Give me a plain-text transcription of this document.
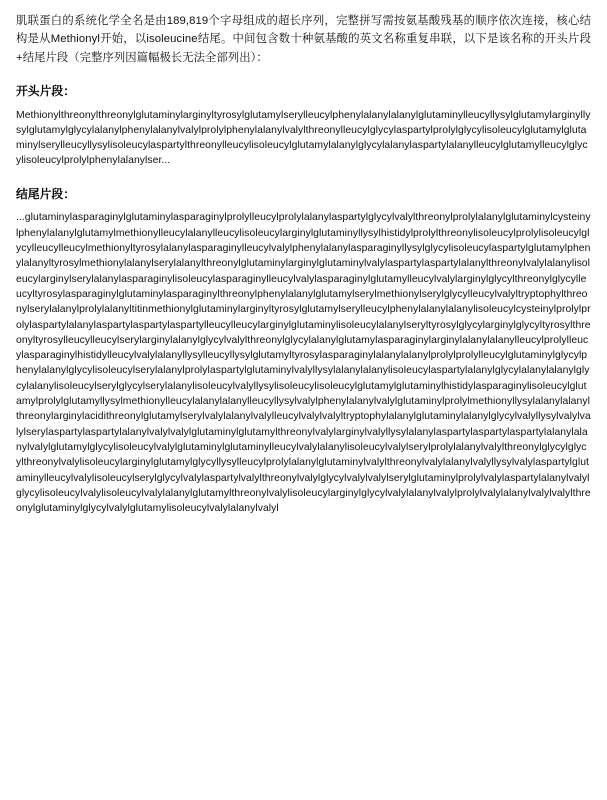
肌联蛋白的系统化学全名是由189,819个字母组成的超长序列，完整拼写需按氨基酸残基的顺序依次连接，核心结构是从Methionyl开始，以isoleucine结尾。中间包含数十种氨基酸的英文名称重复串联，以下是该名称的开头片段+结尾片段（完整序列因篇幅极长无法全部列出）：

开头片段：
Methionylthreonylthreonylglutaminylarginyltyrosylglutamylserylleucylphenylalanylalanylglutaminylleucyllysylglutamylarginyllysylglutamylglycylalanylphenylalanylvalylprolylphenylalanylvalylthreonylleucylglycylaspartylprolylglycylisoleucylglutamylglutaminylserylleucyllysylisoleucylaspartylthreonylleucylisoleucylglutamylalanylglycylalanylaspartylalanylleucylglutamylleucylglycylisoleucylprolylphenylalanylser...
结尾片段：
...glutaminylasparaginylglutaminylasparaginylprolylleucylprolylalanylaspartylglycylvalylthreonylprolylalanylglutaminylcysteinylphenylalanylglutamylmethionylleucylalanylleucylisoleucylarginylglutaminyllysylhistidylprolylthreonylisoleucylprolylisoleucylglycylleucylleucylmethionyltyrosylalanylasparaginylleucylvalylphenylalanylasparaginyllysylglycylisoleucylaspartylglutamylphenylalanyltyrosylmethionylalanylserylalanylthreonylglutaminylarginylglutaminylvalylaspartylaspartylalanylthreonylvalylalanylisoleucylarginylserylalanylasparaginylisoleucylasparaginylleucylvalylasparaginylglutamylleucylvalylarginylglycylthreonylglycylleucyltyrosylasparaginylglutaminylasparaginylthreonylphenylalanylglutamylserylmethionylserylglycylleucylvalyltryptophylthreonylserylalanylprolylalanyltitinmethionylglutaminylarginyltyrosylglutamylserylleucylphenylalanylalanylisoleucylcysteinylprolylprolylaspartylalanylaspartylaspartylaspartylleucylleucylarginylglutaminylisoleucylalanylseryltyrosylglycylarginylglycyltyrosylthreonyltyrosylleucylleucylserylarginylalanylglycylvalylthreonylglycylalanylglutamylasparaginylarginylalanylalanylleucylprolylleucylasparaginylhistidylleucylvalylalanyllysylleucyllysylglutamyltyrosylasparaginylalanylalanylprolylprolylleucylglutaminylglycylphenylalanylglycylisoleucylserylalanylprolylaspartylglutaminylvalyllysylalanylalanylisoleucylaspartylalanylglycylalanylalanylglycylalanylisoleucylserylglycylserylalanylisoleucylvalyllysylisoleucylisoleucylglutamylglutaminylhistidylasparaginylisoleucylglutamylprolylglutamyllysylmethionylleucylalanylalanylleucyllysylvalylphenylalanylvalylglutaminylprolylmethionyllysylalanylalanylthreonylarginylacidithreonylglutamylserylvalylalanylvalylleucylvalylvalyltryptophylalanylglutaminylalanylglycylvalyllysylvalylvalylserylaspartylaspartylalanylvalylvalylglutaminylglutamylthreonylvalylarginylvalyllysylalanylaspartylaspartylaspartylalanylalanylvalylglutamylglycylisoleucylvalylglutaminylglutaminylleucylvalylalanylisoleucylvalylserylprolylalanylvalylthreonylglycylglycylthreonylvalylisoleucylarginylglutamylglycyllysylleucylprolylalanylglutaminylvalylthreonylvalylalanylvalyllysylvalylaspartylglutaminylleucylvalylisoleucylserylglycylvalylaspartylvalylthreonylvalylglycylvalylvalylserylglutaminylprolylvalylaspartylalanylvalylglycylisoleucylvalylisoleucylvalylalanylglutamylthreonylvalylisoleucylarginylglycylvalylalanylvalylprolylvalylalanylvalylvalylthreonylglutaminylglycylvalylglutamylisoleucylvalylalanylvalyl
